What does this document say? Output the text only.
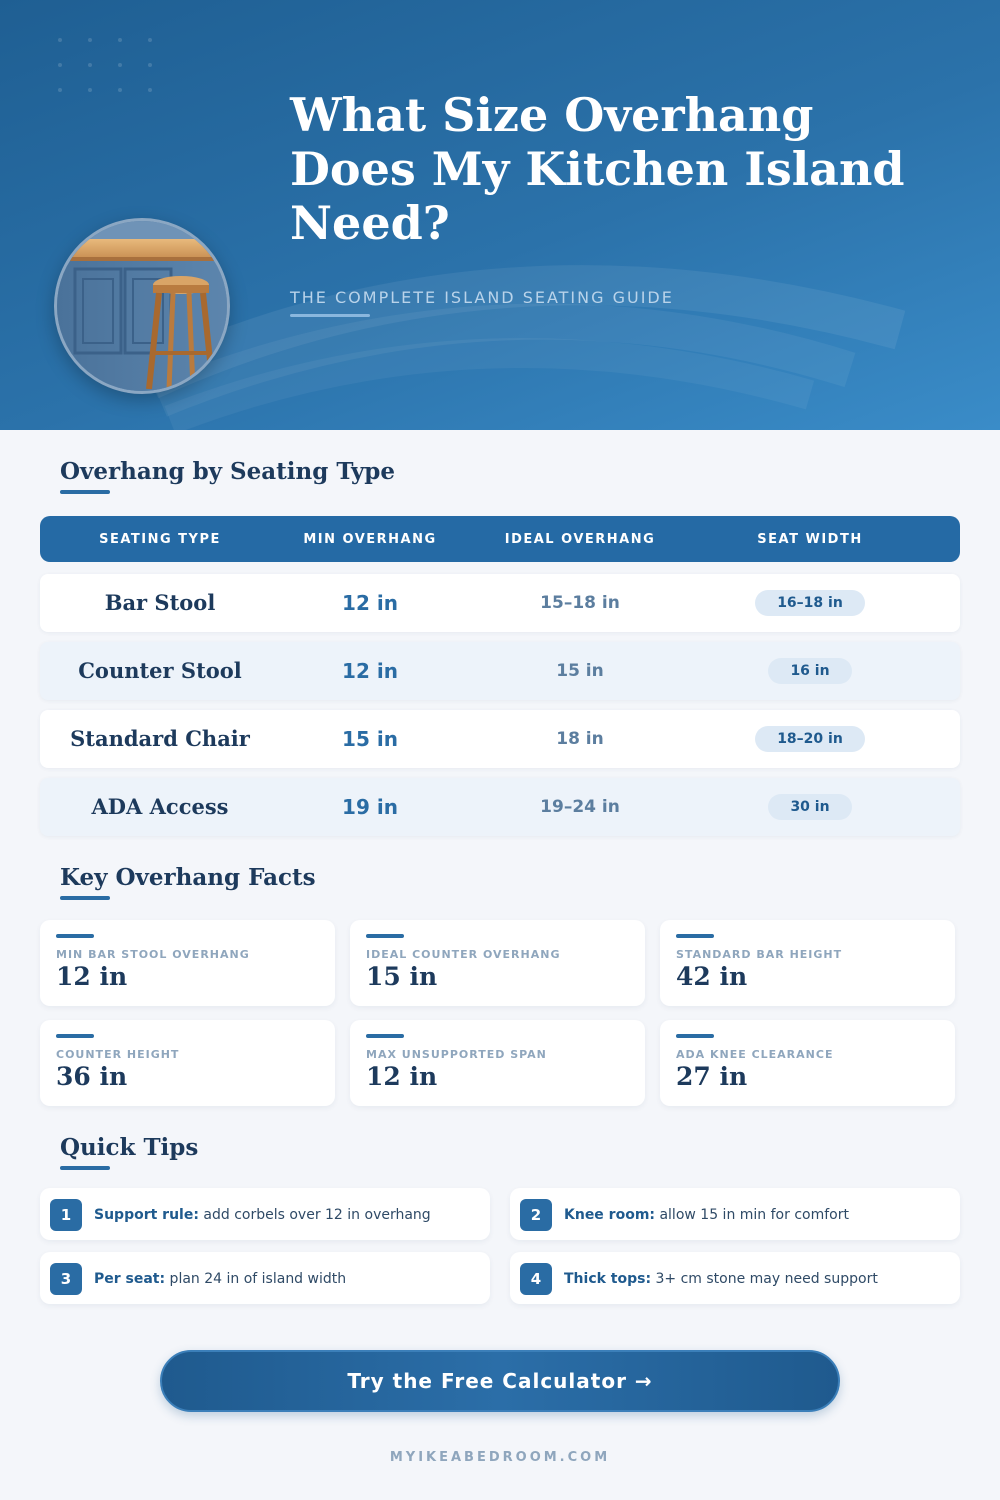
What Size Overhang Does My Kitchen Island Need?
THE COMPLETE ISLAND SEATING GUIDE
Overhang by Seating Type
SEATING TYPE	MIN OVERHANG	IDEAL OVERHANG	SEAT WIDTH
Bar Stool	12 in	15–18 in	16–18 in
Counter Stool	12 in	15 in	16 in
Standard Chair	15 in	18 in	18–20 in
ADA Access	19 in	19–24 in	30 in
Key Overhang Facts
MIN BAR STOOL OVERHANG
12 in
IDEAL COUNTER OVERHANG
15 in
STANDARD BAR HEIGHT
42 in
COUNTER HEIGHT
36 in
MAX UNSUPPORTED SPAN
12 in
ADA KNEE CLEARANCE
27 in
Quick Tips
1	Support rule: add corbels over 12 in overhang	2	Knee room: allow 15 in min for comfort
3	Per seat: plan 24 in of island width	4	Thick tops: 3+ cm stone may need support
Try the Free Calculator →
MYIKEABEDROOM.COM
